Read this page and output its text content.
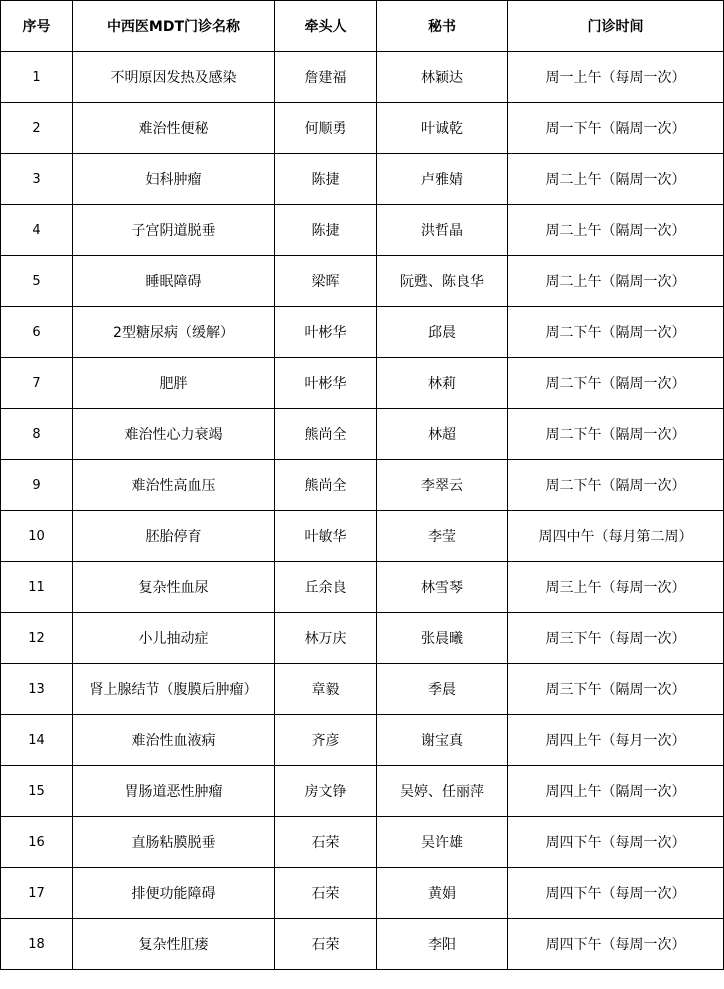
序号	中西医MDT门诊名称	牵头人	秘书	门诊时间
1	不明原因发热及感染	詹建福	林颖达	周一上午（每周一次）
2	难治性便秘	何顺勇	叶诚乾	周一下午（隔周一次）
3	妇科肿瘤	陈捷	卢雅婧	周二上午（隔周一次）
4	子宫阴道脱垂	陈捷	洪哲晶	周二上午（隔周一次）
5	睡眠障碍	梁晖	阮甦、陈良华	周二上午（隔周一次）
6	2型糖尿病（缓解）	叶彬华	邱晨	周二下午（隔周一次）
7	肥胖	叶彬华	林莉	周二下午（隔周一次）
8	难治性心力衰竭	熊尚全	林超	周二下午（隔周一次）
9	难治性高血压	熊尚全	李翠云	周二下午（隔周一次）
10	胚胎停育	叶敏华	李莹	周四中午（每月第二周）
11	复杂性血尿	丘余良	林雪琴	周三上午（每周一次）
12	小儿抽动症	林万庆	张晨曦	周三下午（每周一次）
13	肾上腺结节（腹膜后肿瘤）	章毅	季晨	周三下午（隔周一次）
14	难治性血液病	齐彦	谢宝真	周四上午（每月一次）
15	胃肠道恶性肿瘤	房文铮	吴婷、任丽萍	周四上午（隔周一次）
16	直肠粘膜脱垂	石荣	吴许雄	周四下午（每周一次）
17	排便功能障碍	石荣	黄娟	周四下午（每周一次）
18	复杂性肛瘘	石荣	李阳	周四下午（每周一次）
